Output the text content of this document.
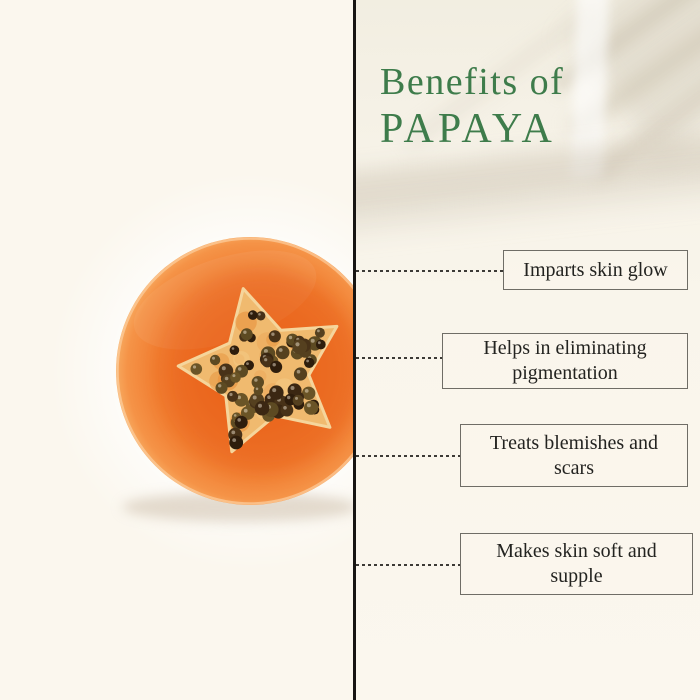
Benefits of
PAPAYA
Imparts skin glow
Helps in eliminating pigmentation
Treats blemishes and scars
Makes skin soft and supple
